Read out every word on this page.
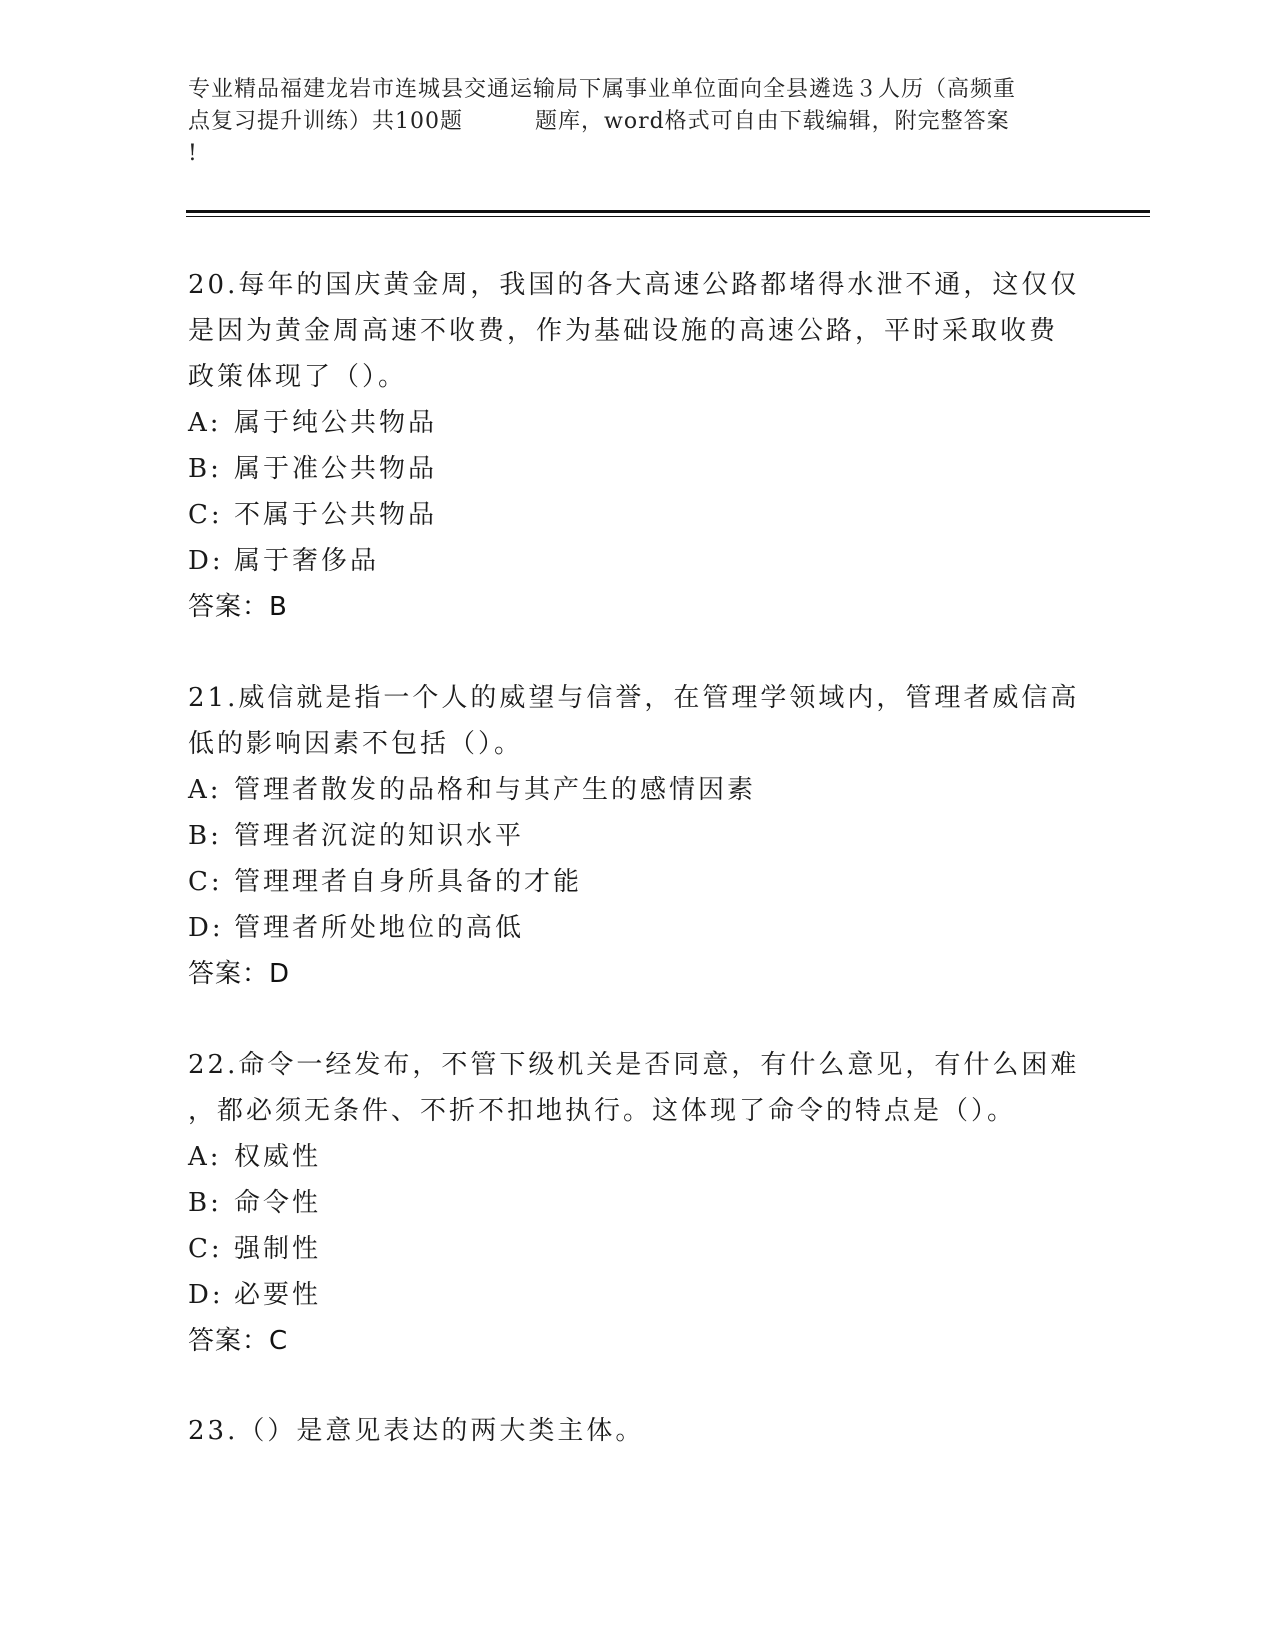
专业精品福建龙岩市连城县交通运输局下属事业单位面向全县遴选３人历（高频重
点复习提升训练）共100题	题库，word格式可自由下载编辑，附完整答案
!
20.每年的国庆黄金周，我国的各大高速公路都堵得水泄不通，这仅仅
是因为黄金周高速不收费，作为基础设施的高速公路，平时采取收费
政策体现了（）。
A: 属于纯公共物品
B: 属于准公共物品
C: 不属于公共物品
D: 属于奢侈品
答案：B
21.威信就是指一个人的威望与信誉，在管理学领域内，管理者威信高
低的影响因素不包括（）。
A: 管理者散发的品格和与其产生的感情因素
B: 管理者沉淀的知识水平
C: 管理理者自身所具备的才能
D: 管理者所处地位的高低
答案：D
22.命令一经发布，不管下级机关是否同意，有什么意见，有什么困难
，都必须无条件、不折不扣地执行。这体现了命令的特点是（）。
A: 权威性
B: 命令性
C: 强制性
D: 必要性
答案：C
23.（）是意见表达的两大类主体。
